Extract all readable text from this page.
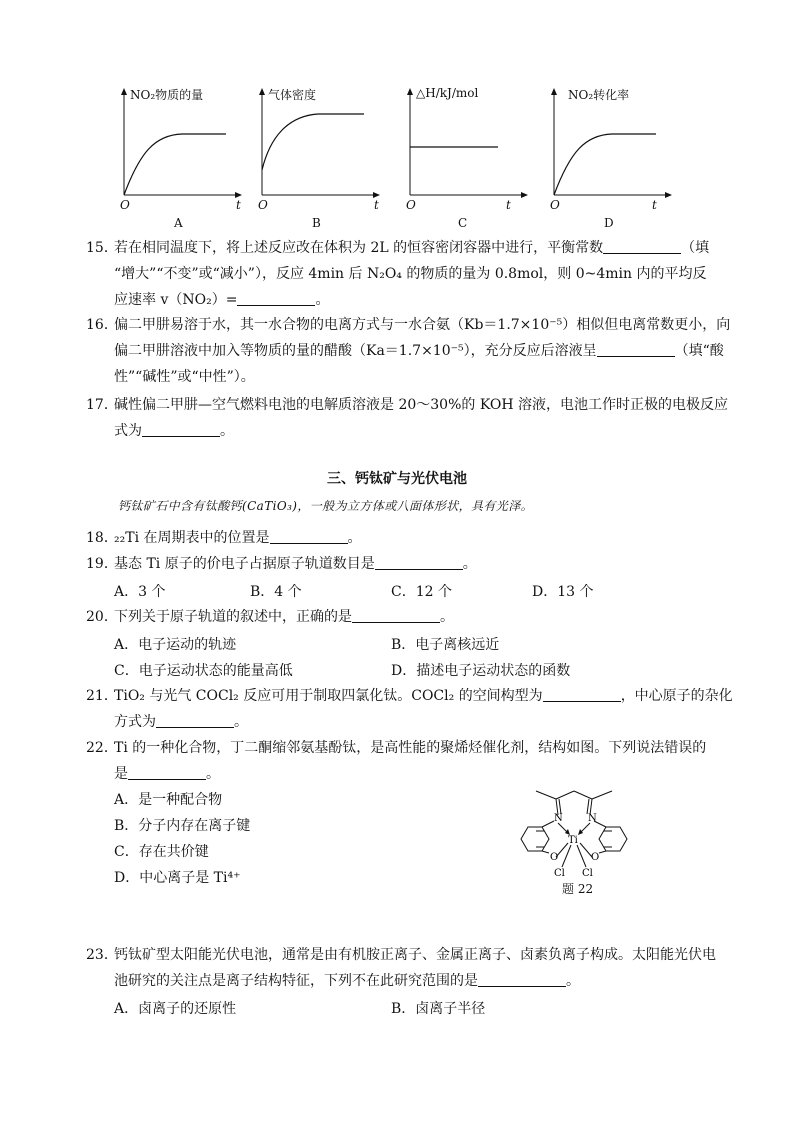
NO₂物质的量
O	t
A
气体密度
O	t
B
△H/kJ/mol
O	t
C
NO₂转化率
O	t
D
15．
若在相同温度下，将上述反应改在体积为 2L 的恒容密闭容器中进行，平衡常数	（填
“增大”“不变”或“减小”），反应 4min 后 N₂O₄ 的物质的量为 0.8mol，则 0~4min 内的平均反
应速率 v（NO₂）=	。
16．
偏二甲肼易溶于水，其一水合物的电离方式与一水合氨（Kb＝1.7×10⁻⁵）相似但电离常数更小，向
偏二甲肼溶液中加入等物质的量的醋酸（Ka＝1.7×10⁻⁵），充分反应后溶液呈	（填“酸
性”“碱性”或“中性”）。
17．
碱性偏二甲肼—空气燃料电池的电解质溶液是 20～30%的 KOH 溶液，电池工作时正极的电极反应
式为	。
三、钙钛矿与光伏电池
钙钛矿石中含有钛酸钙(CaTiO₃)，一般为立方体或八面体形状，具有光泽。
18．
₂₂Ti 在周期表中的位置是	。
19．
基态 Ti 原子的价电子占据原子轨道数目是	。
A．3 个	B．4 个	C．12 个	D．13 个
20．
下列关于原子轨道的叙述中，正确的是	。
A．电子运动的轨迹	B．电子离核远近
C．电子运动状态的能量高低	D．描述电子运动状态的函数
21．
TiO₂ 与光气 COCl₂ 反应可用于制取四氯化钛。COCl₂ 的空间构型为	，中心原子的杂化
方式为	。
22．
Ti 的一种化合物，丁二酮缩邻氨基酚钛，是高性能的聚烯烃催化剂，结构如图。下列说法错误的
是	。
A．是一种配合物
B．分子内存在离子键
C．存在共价键
D．中心离子是 Ti⁴⁺
N	N
O	O
Ti
Cl Cl
题 22
23．
钙钛矿型太阳能光伏电池，通常是由有机胺正离子、金属正离子、卤素负离子构成。太阳能光伏电
池研究的关注点是离子结构特征，下列不在此研究范围的是	。
A．卤离子的还原性	B．卤离子半径
